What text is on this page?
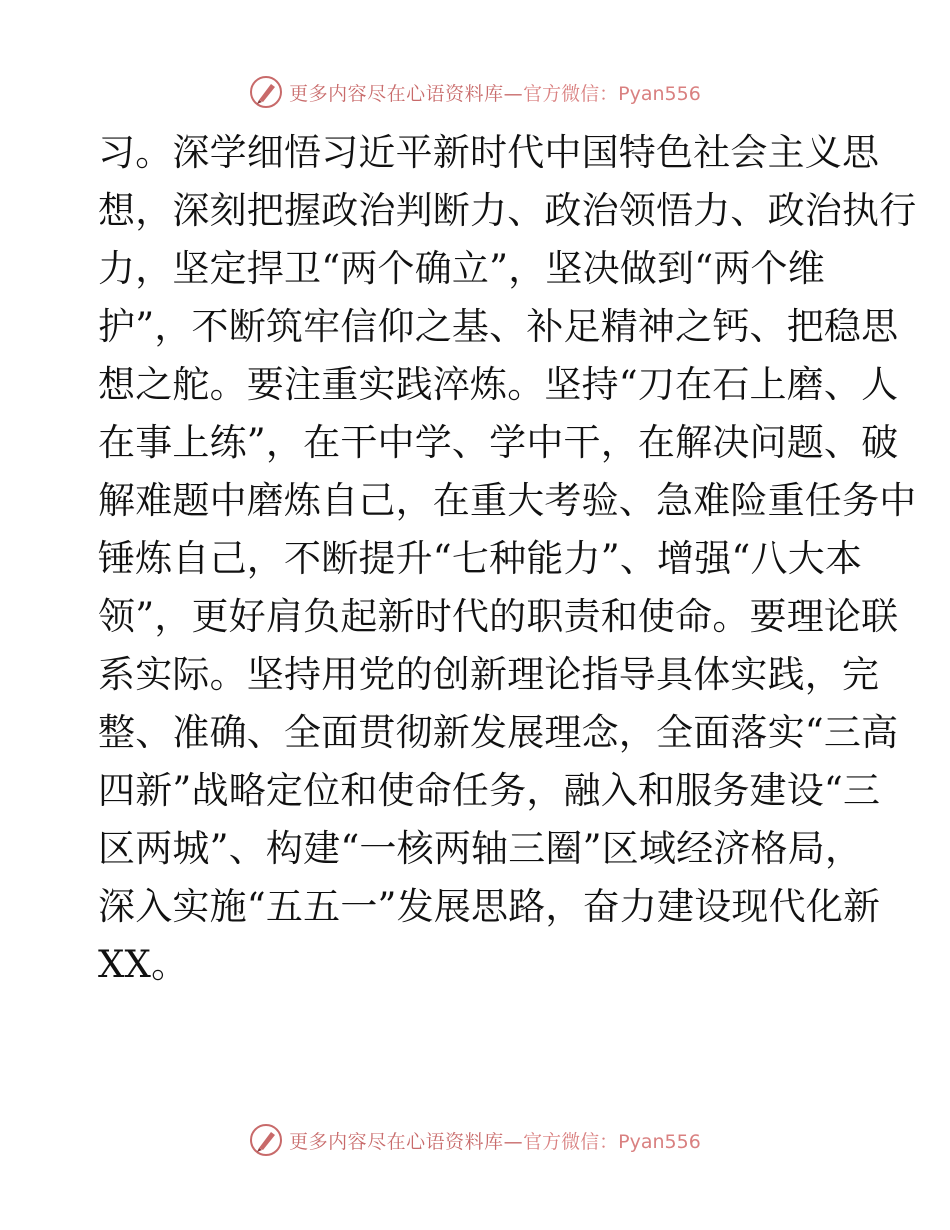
更多内容尽在心语资料库— 官方微信：Pyan556
习。深学细悟习近平新时代中国特色社会主义思
想，深刻把握政治判断力、政治领悟力、政治执行
力，坚定捍卫“两个确立”，坚决做到“两个维
护”，不断筑牢信仰之基、补足精神之钙、把稳思
想之舵。要注重实践淬炼。坚持“刀在石上磨、人
在事上练”，在干中学、学中干，在解决问题、破
解难题中磨炼自己，在重大考验、急难险重任务中
锤炼自己，不断提升“七种能力”、增强“八大本
领”，更好肩负起新时代的职责和使命。要理论联
系实际。坚持用党的创新理论指导具体实践，完
整、准确、全面贯彻新发展理念，全面落实“三高
四新”战略定位和使命任务，融入和服务建设“三
区两城”、构建“一核两轴三圈”区域经济格局，
深入实施“五五一”发展思路，奋力建设现代化新
XX。
更多内容尽在心语资料库— 官方微信：Pyan556
